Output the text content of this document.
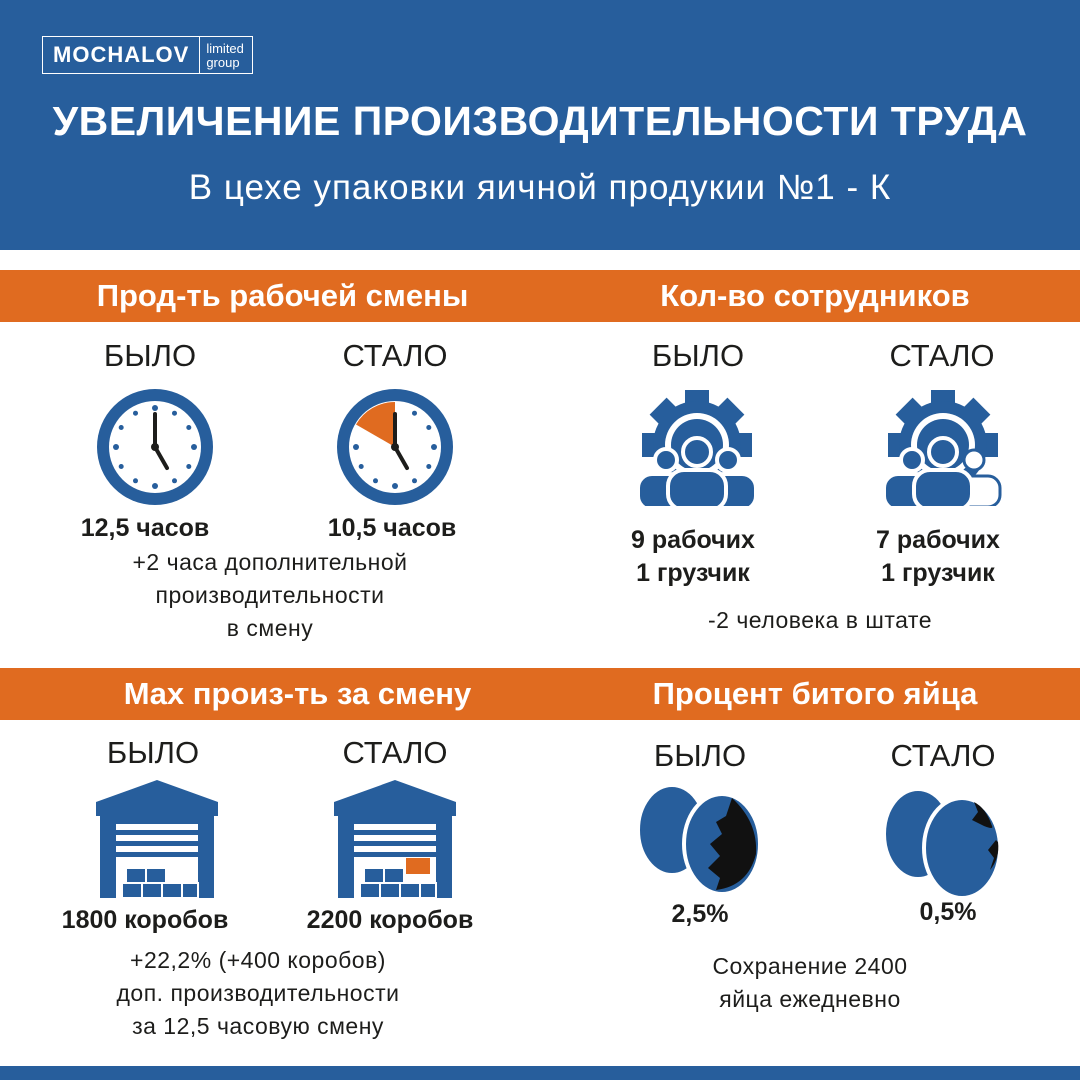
MOCHALOV	limited
group
УВЕЛИЧЕНИЕ ПРОИЗВОДИТЕЛЬНОСТИ ТРУДА
В цехе упаковки яичной продукии №1 - К
Прод-ть рабочей смены	Кол-во сотрудников
БЫЛО	СТАЛО
12,5 часов	10,5 часов
+2 часа дополнительной
производительности
в смену
БЫЛО	СТАЛО
9 рабочих
1 грузчик
7 рабочих
1 грузчик
-2 человека в штате
Max произ-ть за смену	Процент битого яйца
БЫЛО	СТАЛО
1800 коробов	2200 коробов
+22,2% (+400 коробов)
доп. производительности
за 12,5 часовую смену
БЫЛО	СТАЛО
2,5%	0,5%
Сохранение 2400
яйца ежедневно
